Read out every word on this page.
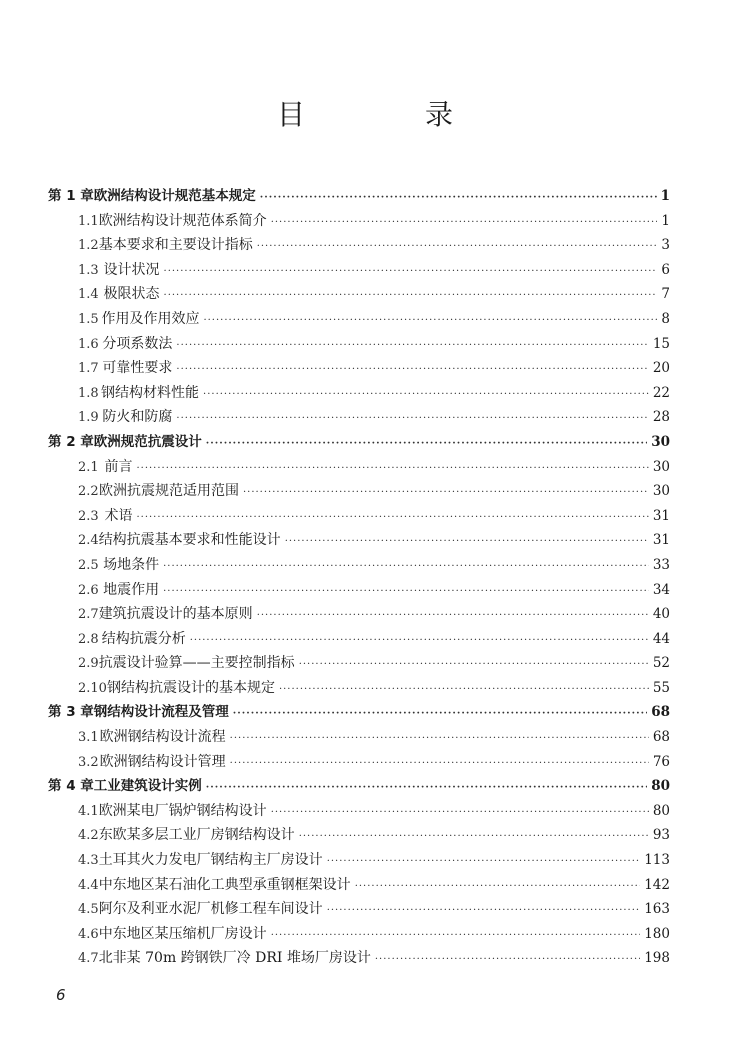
目　录
第 1 章 欧洲结构设计规范基本规定 ·····	1
1.1 欧洲结构设计规范体系简介 ·····	1
1.2 基本要求和主要设计指标 ·····	3
1.3 设计状况 ·····	6
1.4 极限状态 ·····	7
1.5 作用及作用效应 ·····	8
1.6 分项系数法 ·····	15
1.7 可靠性要求 ·····	20
1.8 钢结构材料性能 ·····	22
1.9 防火和防腐 ·····	28
第 2 章 欧洲规范抗震设计 ·····	30
2.1 前言 ·····	30
2.2 欧洲抗震规范适用范围 ·····	30
2.3 术语 ·····	31
2.4 结构抗震基本要求和性能设计 ·····	31
2.5 场地条件 ·····	33
2.6 地震作用 ·····	34
2.7 建筑抗震设计的基本原则 ·····	40
2.8 结构抗震分析 ·····	44
2.9 抗震设计验算——主要控制指标 ·····	52
2.10 钢结构抗震设计的基本规定 ·····	55
第 3 章 钢结构设计流程及管理 ·····	68
3.1 欧洲钢结构设计流程 ·····	68
3.2 欧洲钢结构设计管理 ·····	76
第 4 章 工业建筑设计实例 ·····	80
4.1 欧洲某电厂锅炉钢结构设计 ·····	80
4.2 东欧某多层工业厂房钢结构设计 ·····	93
4.3 土耳其火力发电厂钢结构主厂房设计 ·····	113
4.4 中东地区某石油化工典型承重钢框架设计 ·····	142
4.5 阿尔及利亚水泥厂机修工程车间设计 ·····	163
4.6 中东地区某压缩机厂房设计 ·····	180
4.7 北非某 70m 跨钢铁厂冷 DRI 堆场厂房设计 ·····	198
6
